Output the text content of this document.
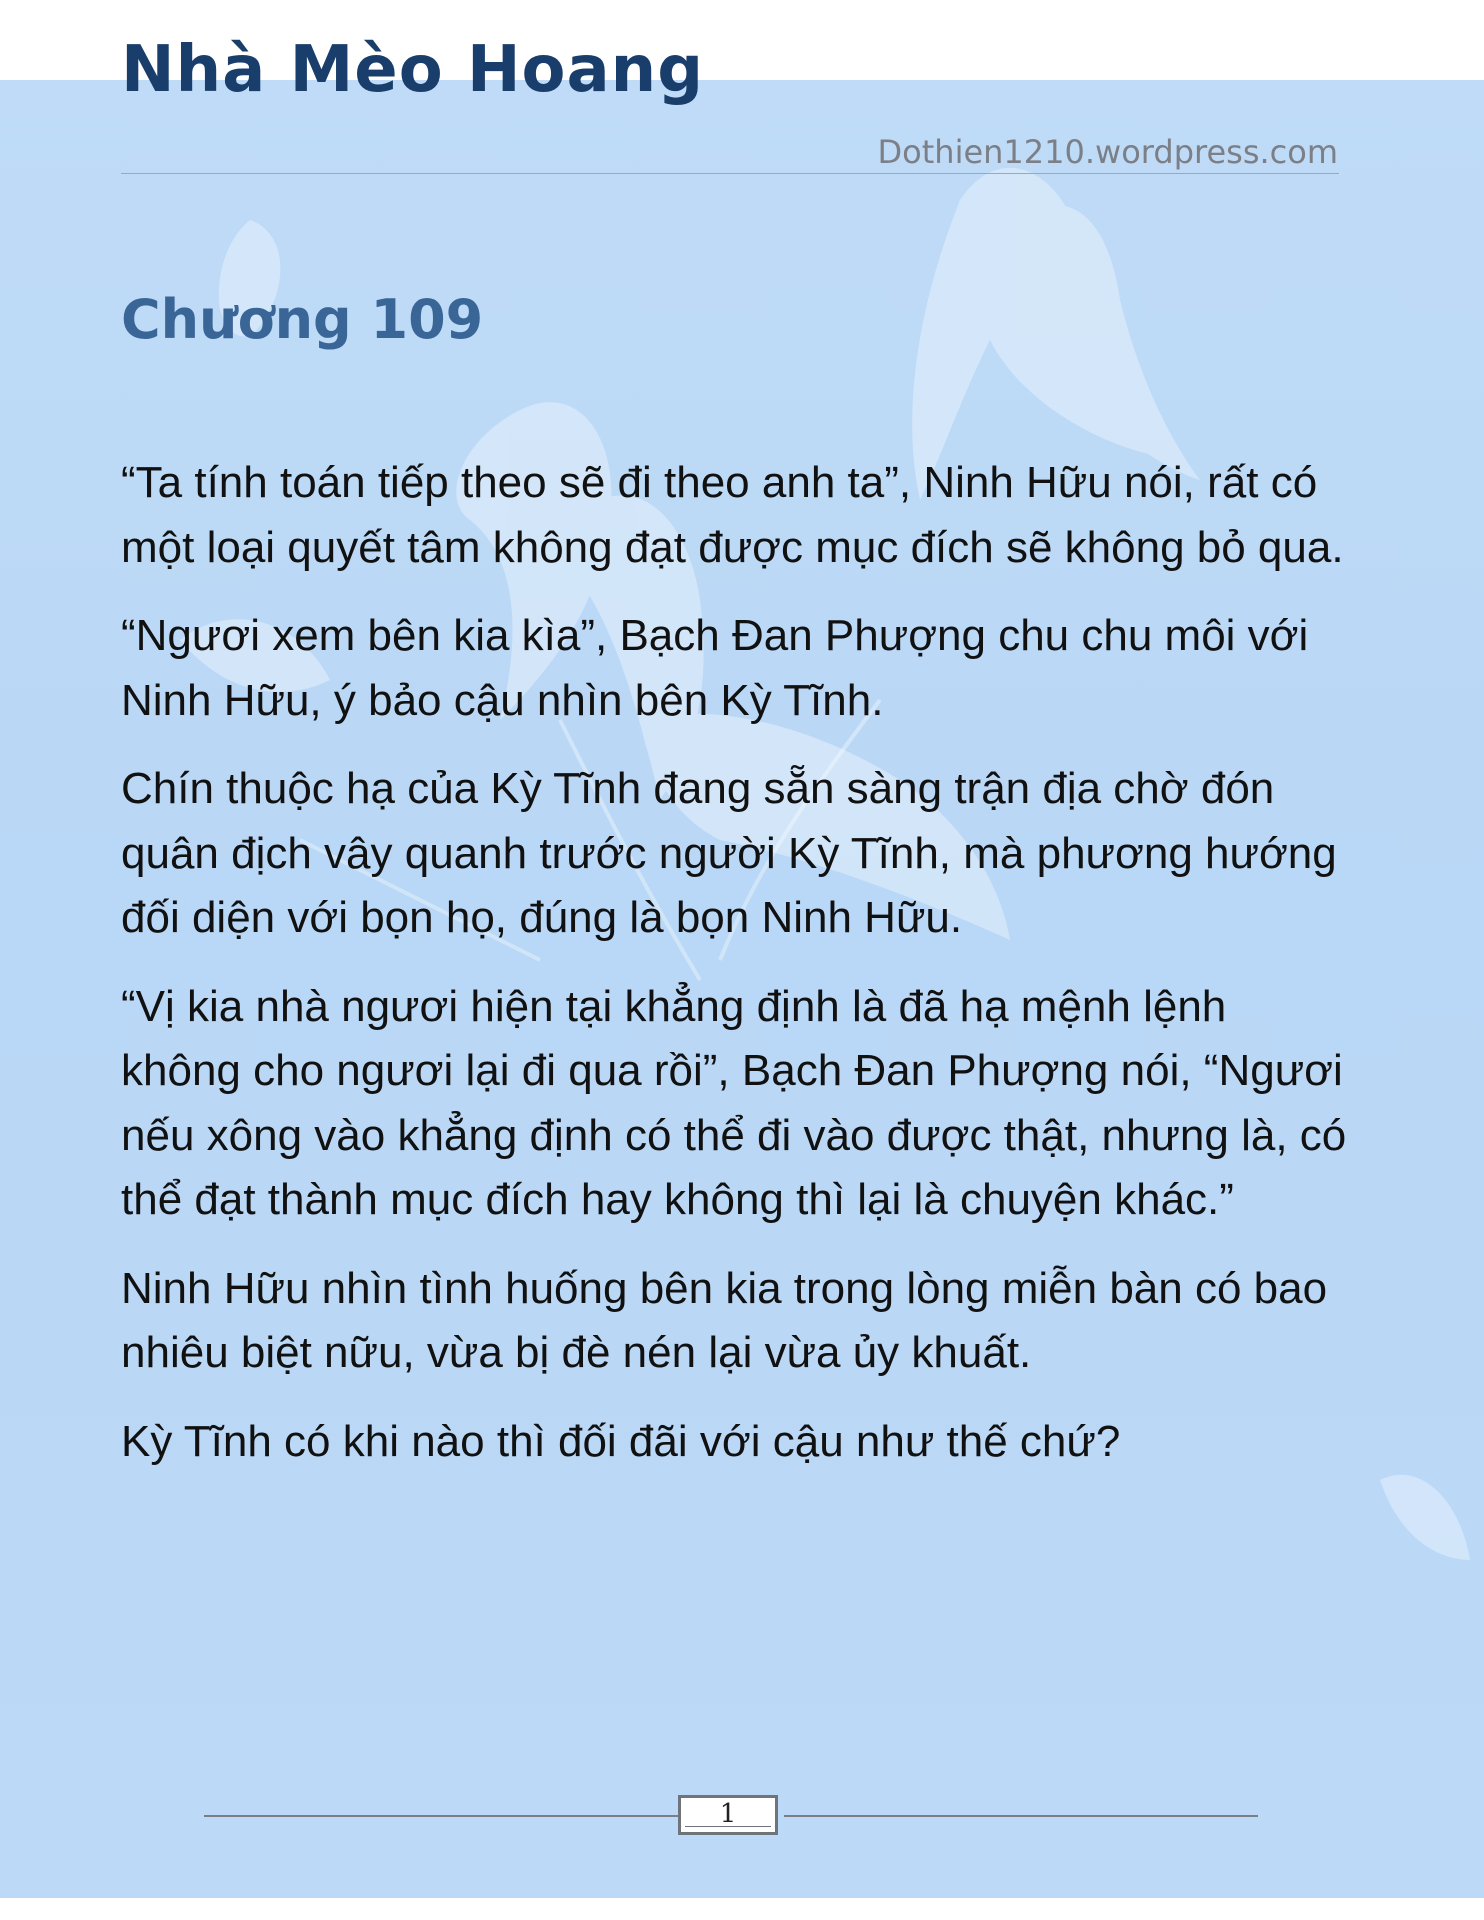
Nhà Mèo Hoang
Dothien1210.wordpress.com
Chương 109

“Ta tính toán tiếp theo sẽ đi theo anh ta”, Ninh Hữu nói, rất có một loại quyết tâm không đạt được mục đích sẽ không bỏ qua.

“Ngươi xem bên kia kìa”, Bạch Đan Phượng chu chu môi với Ninh Hữu, ý bảo cậu nhìn bên Kỳ Tĩnh.

Chín thuộc hạ của Kỳ Tĩnh đang sẵn sàng trận địa chờ đón quân địch vây quanh trước người Kỳ Tĩnh, mà phương hướng đối diện với bọn họ, đúng là bọn Ninh Hữu.

“Vị kia nhà ngươi hiện tại khẳng định là đã hạ mệnh lệnh không cho ngươi lại đi qua rồi”, Bạch Đan Phượng nói, “Ngươi nếu xông vào khẳng định có thể đi vào được thật, nhưng là, có thể đạt thành mục đích hay không thì lại là chuyện khác.”

Ninh Hữu nhìn tình huống bên kia trong lòng miễn bàn có bao nhiêu biệt nữu, vừa bị đè nén lại vừa ủy khuất.

Kỳ Tĩnh có khi nào thì đối đãi với cậu như thế chứ?

1
